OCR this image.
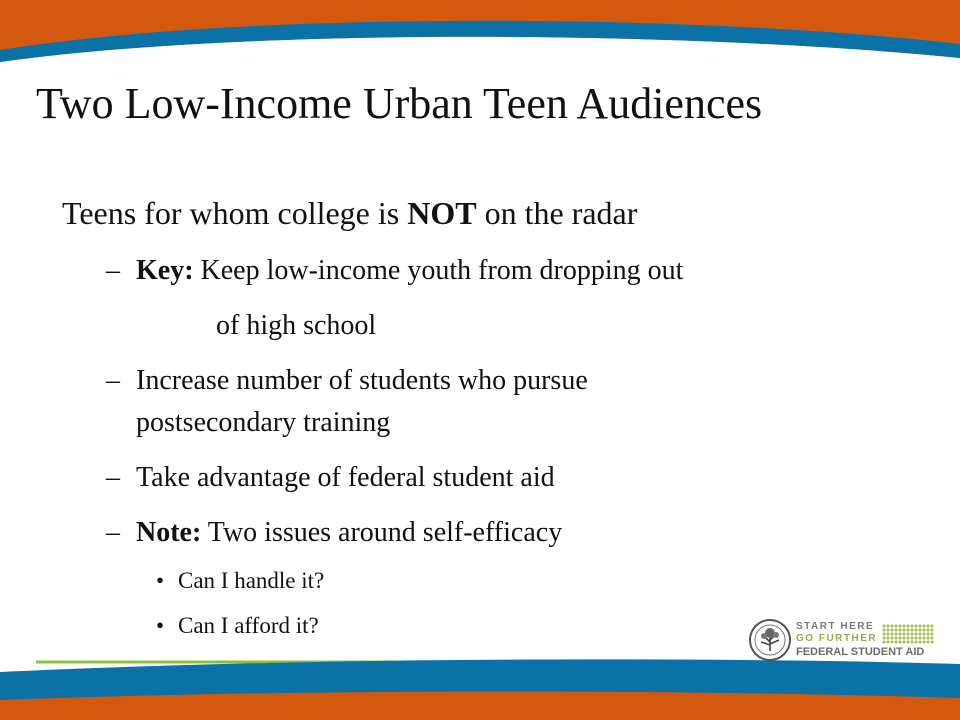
Two Low-Income Urban Teen Audiences
Teens for whom college is NOT on the radar
– Key: Keep low-income youth from dropping out
of high school
– Increase number of students who pursue
postsecondary training
– Take advantage of federal student aid
– Note: Two issues around self-efficacy
• Can I handle it?
• Can I afford it?	START HERE
GO FURTHER
FEDERAL STUDENT AID
